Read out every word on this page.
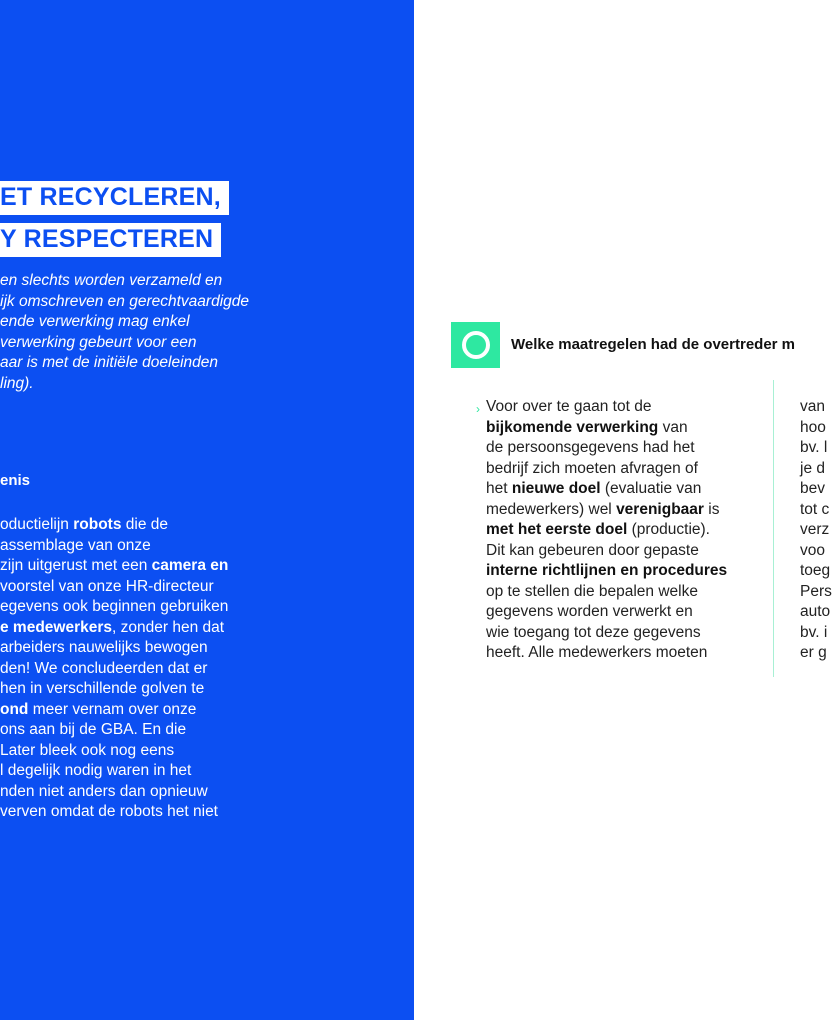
ET RECYCLEREN,
Y RESPECTEREN

en slechts worden verzameld en
ijk omschreven en gerechtvaardigde
ende verwerking mag enkel
verwerking gebeurt voor een
aar is met de initiële doeleinden
ling).

enis

oductielijn robots die de
assemblage van onze
zijn uitgerust met een camera en
voorstel van onze HR-directeur
egevens ook beginnen gebruiken
e medewerkers, zonder hen dat
arbeiders nauwelijks bewogen
den! We concludeerden dat er
hen in verschillende golven te
ond meer vernam over onze
ons aan bij de GBA. En die
Later bleek ook nog eens
l degelijk nodig waren in het
nden niet anders dan opnieuw
verven omdat de robots het niet

Welke maatregelen had de overtreder m

› Voor over te gaan tot de
bijkomende verwerking van
de persoonsgegevens had het
bedrijf zich moeten afvragen of
het nieuwe doel (evaluatie van
medewerkers) wel verenigbaar is
met het eerste doel (productie).
Dit kan gebeuren door gepaste
interne richtlijnen en procedures
op te stellen die bepalen welke
gegevens worden verwerkt en
wie toegang tot deze gegevens
heeft. Alle medewerkers moeten

van
hoo
bv. l
je d
bev
tot c
verz
voo
toeg
Pers
auto
bv. i
er g
